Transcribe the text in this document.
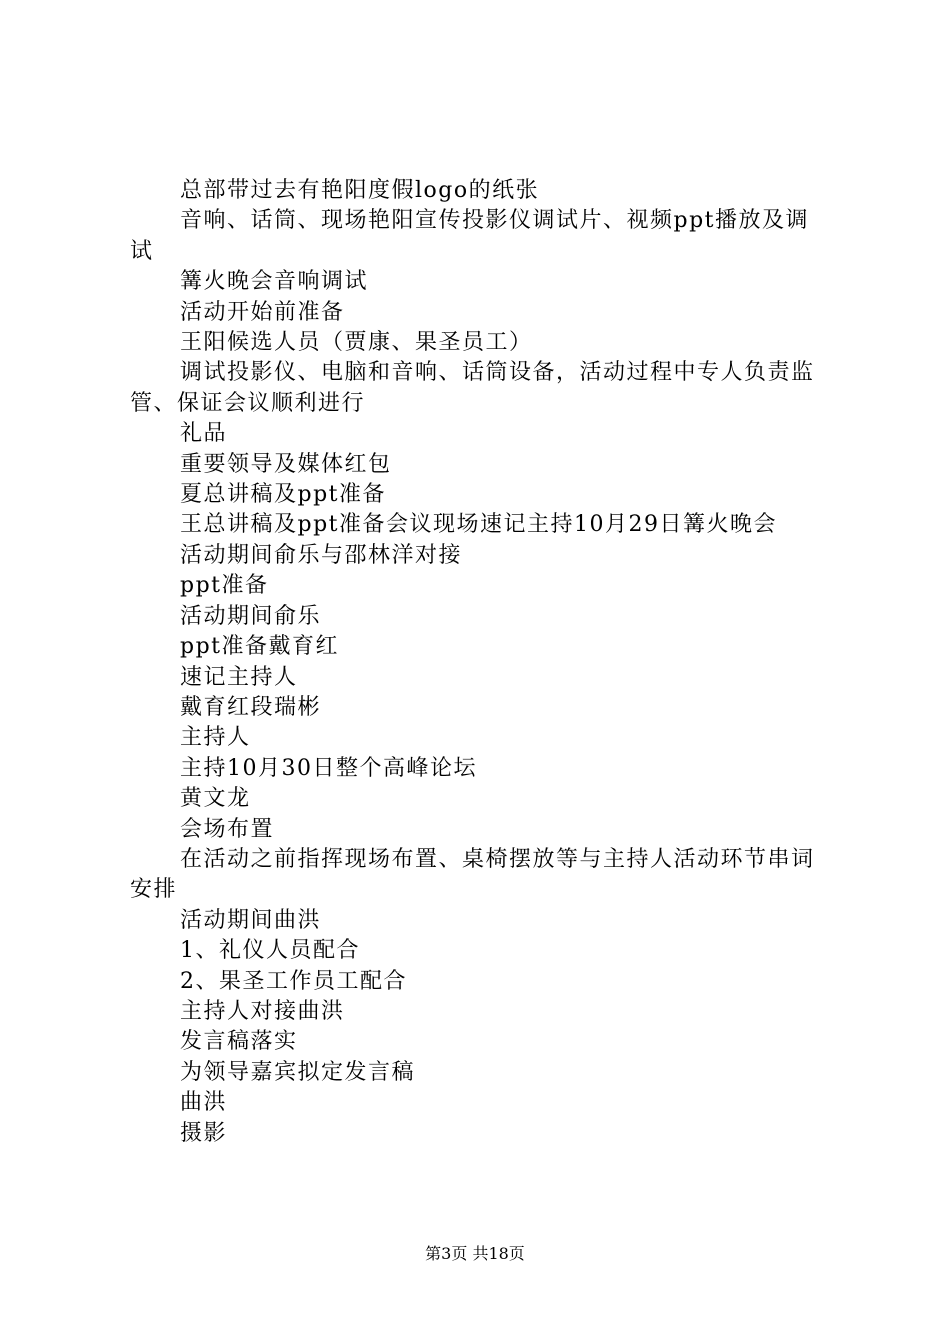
总部带过去有艳阳度假logo的纸张

音响、话筒、现场艳阳宣传投影仪调试片、视频ppt播放及调试

篝火晚会音响调试

活动开始前准备

王阳候选人员（贾康、果圣员工）

调试投影仪、电脑和音响、话筒设备，活动过程中专人负责监管、保证会议顺利进行

礼品

重要领导及媒体红包

夏总讲稿及ppt准备

王总讲稿及ppt准备会议现场速记主持10月29日篝火晚会

活动期间俞乐与邵林洋对接

ppt准备

活动期间俞乐

ppt准备戴育红

速记主持人

戴育红段瑞彬

主持人

主持10月30日整个高峰论坛

黄文龙

会场布置

在活动之前指挥现场布置、桌椅摆放等与主持人活动环节串词安排

活动期间曲洪

1、礼仪人员配合

2、果圣工作员工配合

主持人对接曲洪

发言稿落实

为领导嘉宾拟定发言稿

曲洪

摄影

第3页 共18页
